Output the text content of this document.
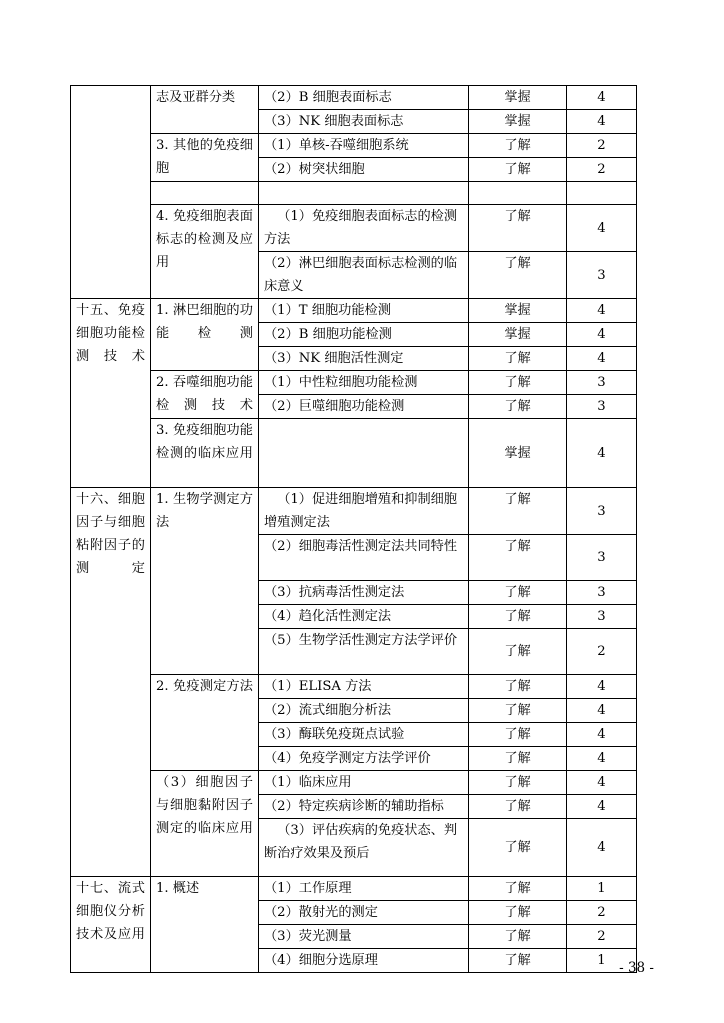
	志及亚群分类	（2）B 细胞表面标志	掌握	4
		（3）NK 细胞表面标志	掌握	4
	3. 其他的免疫细胞	（1）单核-吞噬细胞系统	了解	2
		（2）树突状细胞	了解	2

	4. 免疫细胞表面标志的检测及应用	（1）免疫细胞表面标志的检测方法	了解	4
		（2）淋巴细胞表面标志检测的临床意义	了解	3
十五、免疫细胞功能检测技术	1. 淋巴细胞的功能检测	（1）T 细胞功能检测	掌握	4
		（2）B 细胞功能检测	掌握	4
		（3）NK 细胞活性测定	了解	4
	2. 吞噬细胞功能检测技术	（1）中性粒细胞功能检测	了解	3
		（2）巨噬细胞功能检测	了解	3
	3. 免疫细胞功能检测的临床应用		掌握	4
十六、细胞因子与细胞粘附因子的测定	1. 生物学测定方法	（1）促进细胞增殖和抑制细胞增殖测定法	了解	3
		（2）细胞毒活性测定法共同特性	了解	3
		（3）抗病毒活性测定法	了解	3
		（4）趋化活性测定法	了解	3
		（5）生物学活性测定方法学评价	了解	2
	2. 免疫测定方法	（1）ELISA 方法	了解	4
		（2）流式细胞分析法	了解	4
		（3）酶联免疫斑点试验	了解	4
		（4）免疫学测定方法学评价	了解	4
	（3）细胞因子与细胞黏附因子测定的临床应用	（1）临床应用	了解	4
		（2）特定疾病诊断的辅助指标	了解	4
		（3）评估疾病的免疫状态、判断治疗效果及预后	了解	4
十七、流式细胞仪分析技术及应用	1. 概述	（1）工作原理	了解	1
		（2）散射光的测定	了解	2
		（3）荧光测量	了解	2
		（4）细胞分选原理	了解	1 - 38 -
